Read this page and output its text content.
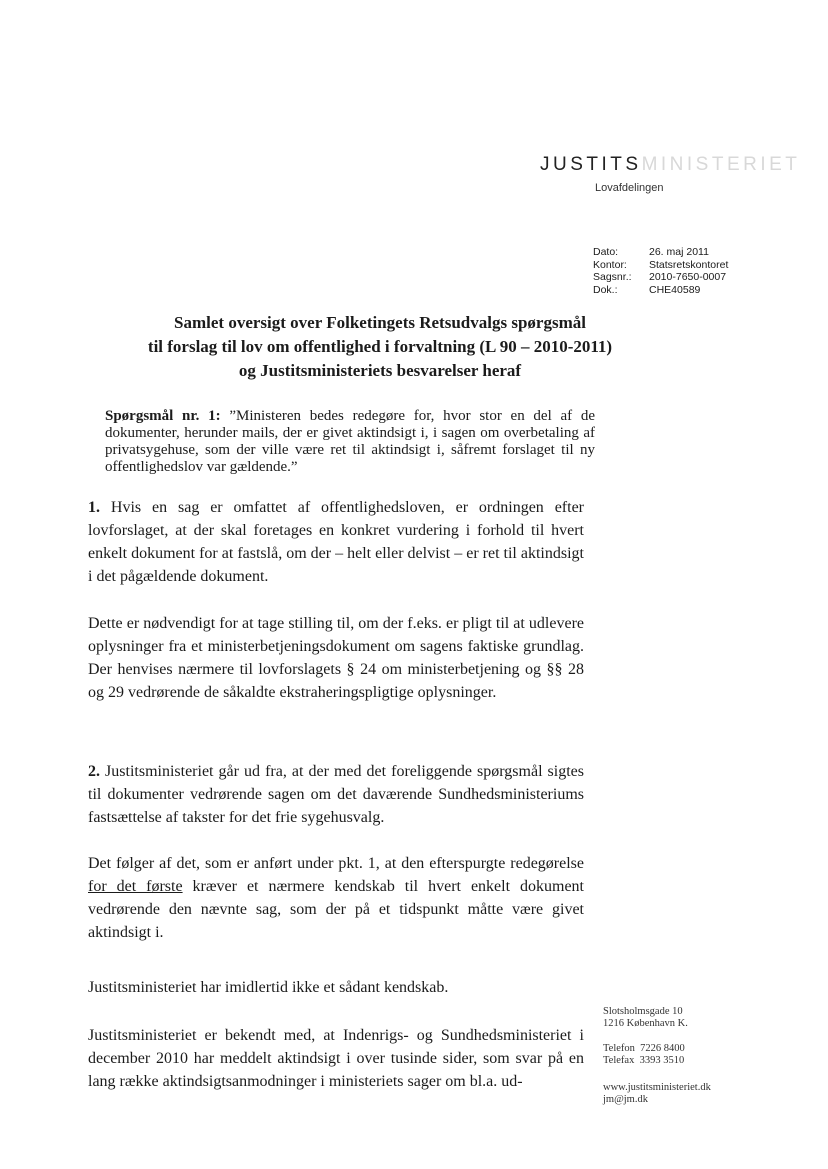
JUSTITSMINISTERIET
Lovafdelingen
Dato:	26. maj 2011
Kontor:	Statsretskontoret
Sagsnr.:	2010-7650-0007
Dok.:	CHE40589
Samlet oversigt over Folketingets Retsudvalgs spørgsmål
til forslag til lov om offentlighed i forvaltning (L 90 – 2010-2011)
og Justitsministeriets besvarelser heraf
Spørgsmål nr. 1: ”Ministeren bedes redegøre for, hvor stor en del af de dokumenter, herunder mails, der er givet aktindsigt i, i sagen om overbetaling af privatsygehuse, som der ville være ret til aktindsigt i, såfremt forslaget til ny offentlighedslov var gældende.”
1. Hvis en sag er omfattet af offentlighedsloven, er ordningen efter lovforslaget, at der skal foretages en konkret vurdering i forhold til hvert enkelt dokument for at fastslå, om der – helt eller delvist – er ret til aktindsigt i det pågældende dokument.
Dette er nødvendigt for at tage stilling til, om der f.eks. er pligt til at udlevere oplysninger fra et ministerbetjeningsdokument om sagens faktiske grundlag. Der henvises nærmere til lovforslagets § 24 om ministerbetjening og §§ 28 og 29 vedrørende de såkaldte ekstraheringspligtige oplysninger.
2. Justitsministeriet går ud fra, at der med det foreliggende spørgsmål sigtes til dokumenter vedrørende sagen om det daværende Sundhedsministeriums fastsættelse af takster for det frie sygehusvalg.
Det følger af det, som er anført under pkt. 1, at den efterspurgte redegørelse for det første kræver et nærmere kendskab til hvert enkelt dokument vedrørende den nævnte sag, som der på et tidspunkt måtte være givet aktindsigt i.
Justitsministeriet har imidlertid ikke et sådant kendskab.
Justitsministeriet er bekendt med, at Indenrigs- og Sundhedsministeriet i december 2010 har meddelt aktindsigt i over tusinde sider, som svar på en lang række aktindsigtsanmodninger i ministeriets sager om bl.a. ud-
Slotsholmsgade 10
1216 København K.
Telefon 7226 8400
Telefax 3393 3510
www.justitsministeriet.dk
jm@jm.dk
